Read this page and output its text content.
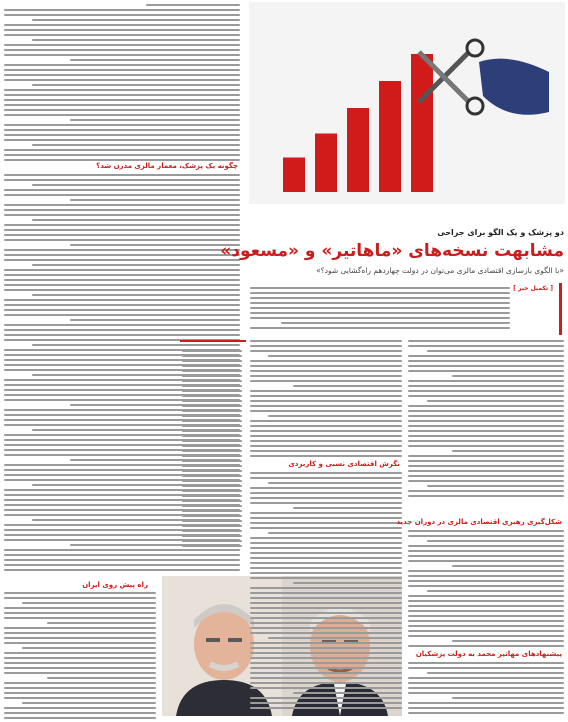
چگونه یک پزشک، معمار مالزی مدرن شد؟
راه پیش روی ایران
دو پزشک و یک الگو برای جراحی
مشابهت نسخه‌های «ماهاتیر» و «مسعود»
«با الگوی بازسازی اقتصادی مالزی می‌توان در دولت چهاردهم راه‌گشایی شود؟»
[ تکمیل خبر ]
نگرش اقتصادی نسبی و کاربردی
شکل‌گیری رهبری اقتصادی مالزی در دوران جدید
پیشنهادهای مهاتیر محمد به دولت پزشکیان
